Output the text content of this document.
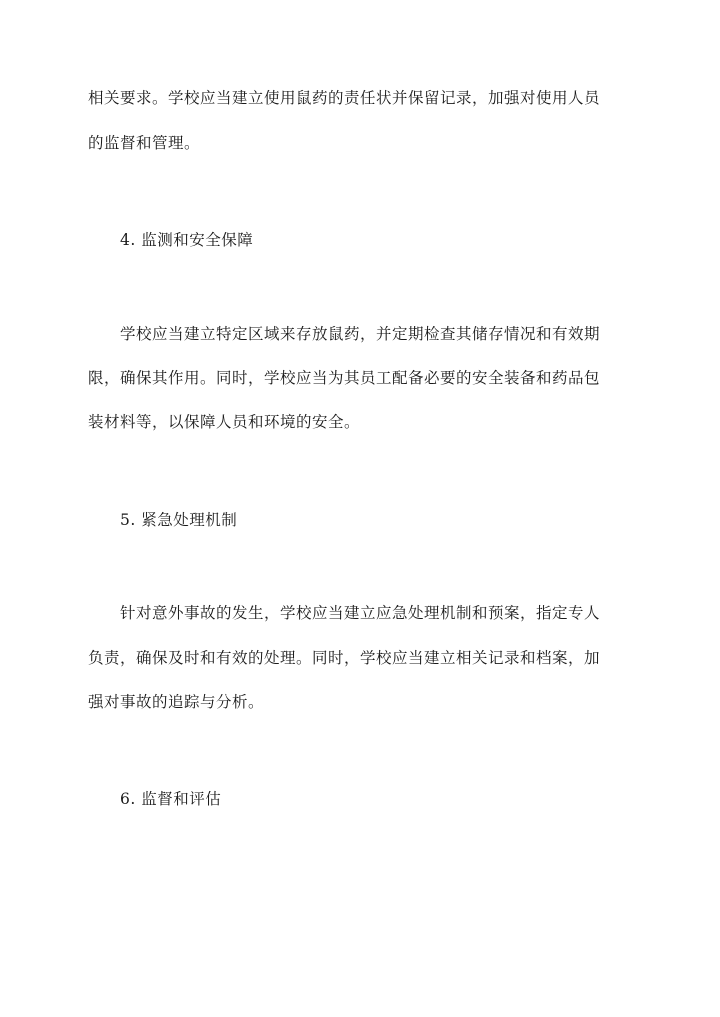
相关要求。学校应当建立使用鼠药的责任状并保留记录，加强对使用人员
的监督和管理。
4. 监测和安全保障
学校应当建立特定区域来存放鼠药，并定期检查其储存情况和有效期
限，确保其作用。同时，学校应当为其员工配备必要的安全装备和药品包
装材料等，以保障人员和环境的安全。
5. 紧急处理机制
针对意外事故的发生，学校应当建立应急处理机制和预案，指定专人
负责，确保及时和有效的处理。同时，学校应当建立相关记录和档案，加
强对事故的追踪与分析。
6. 监督和评估
